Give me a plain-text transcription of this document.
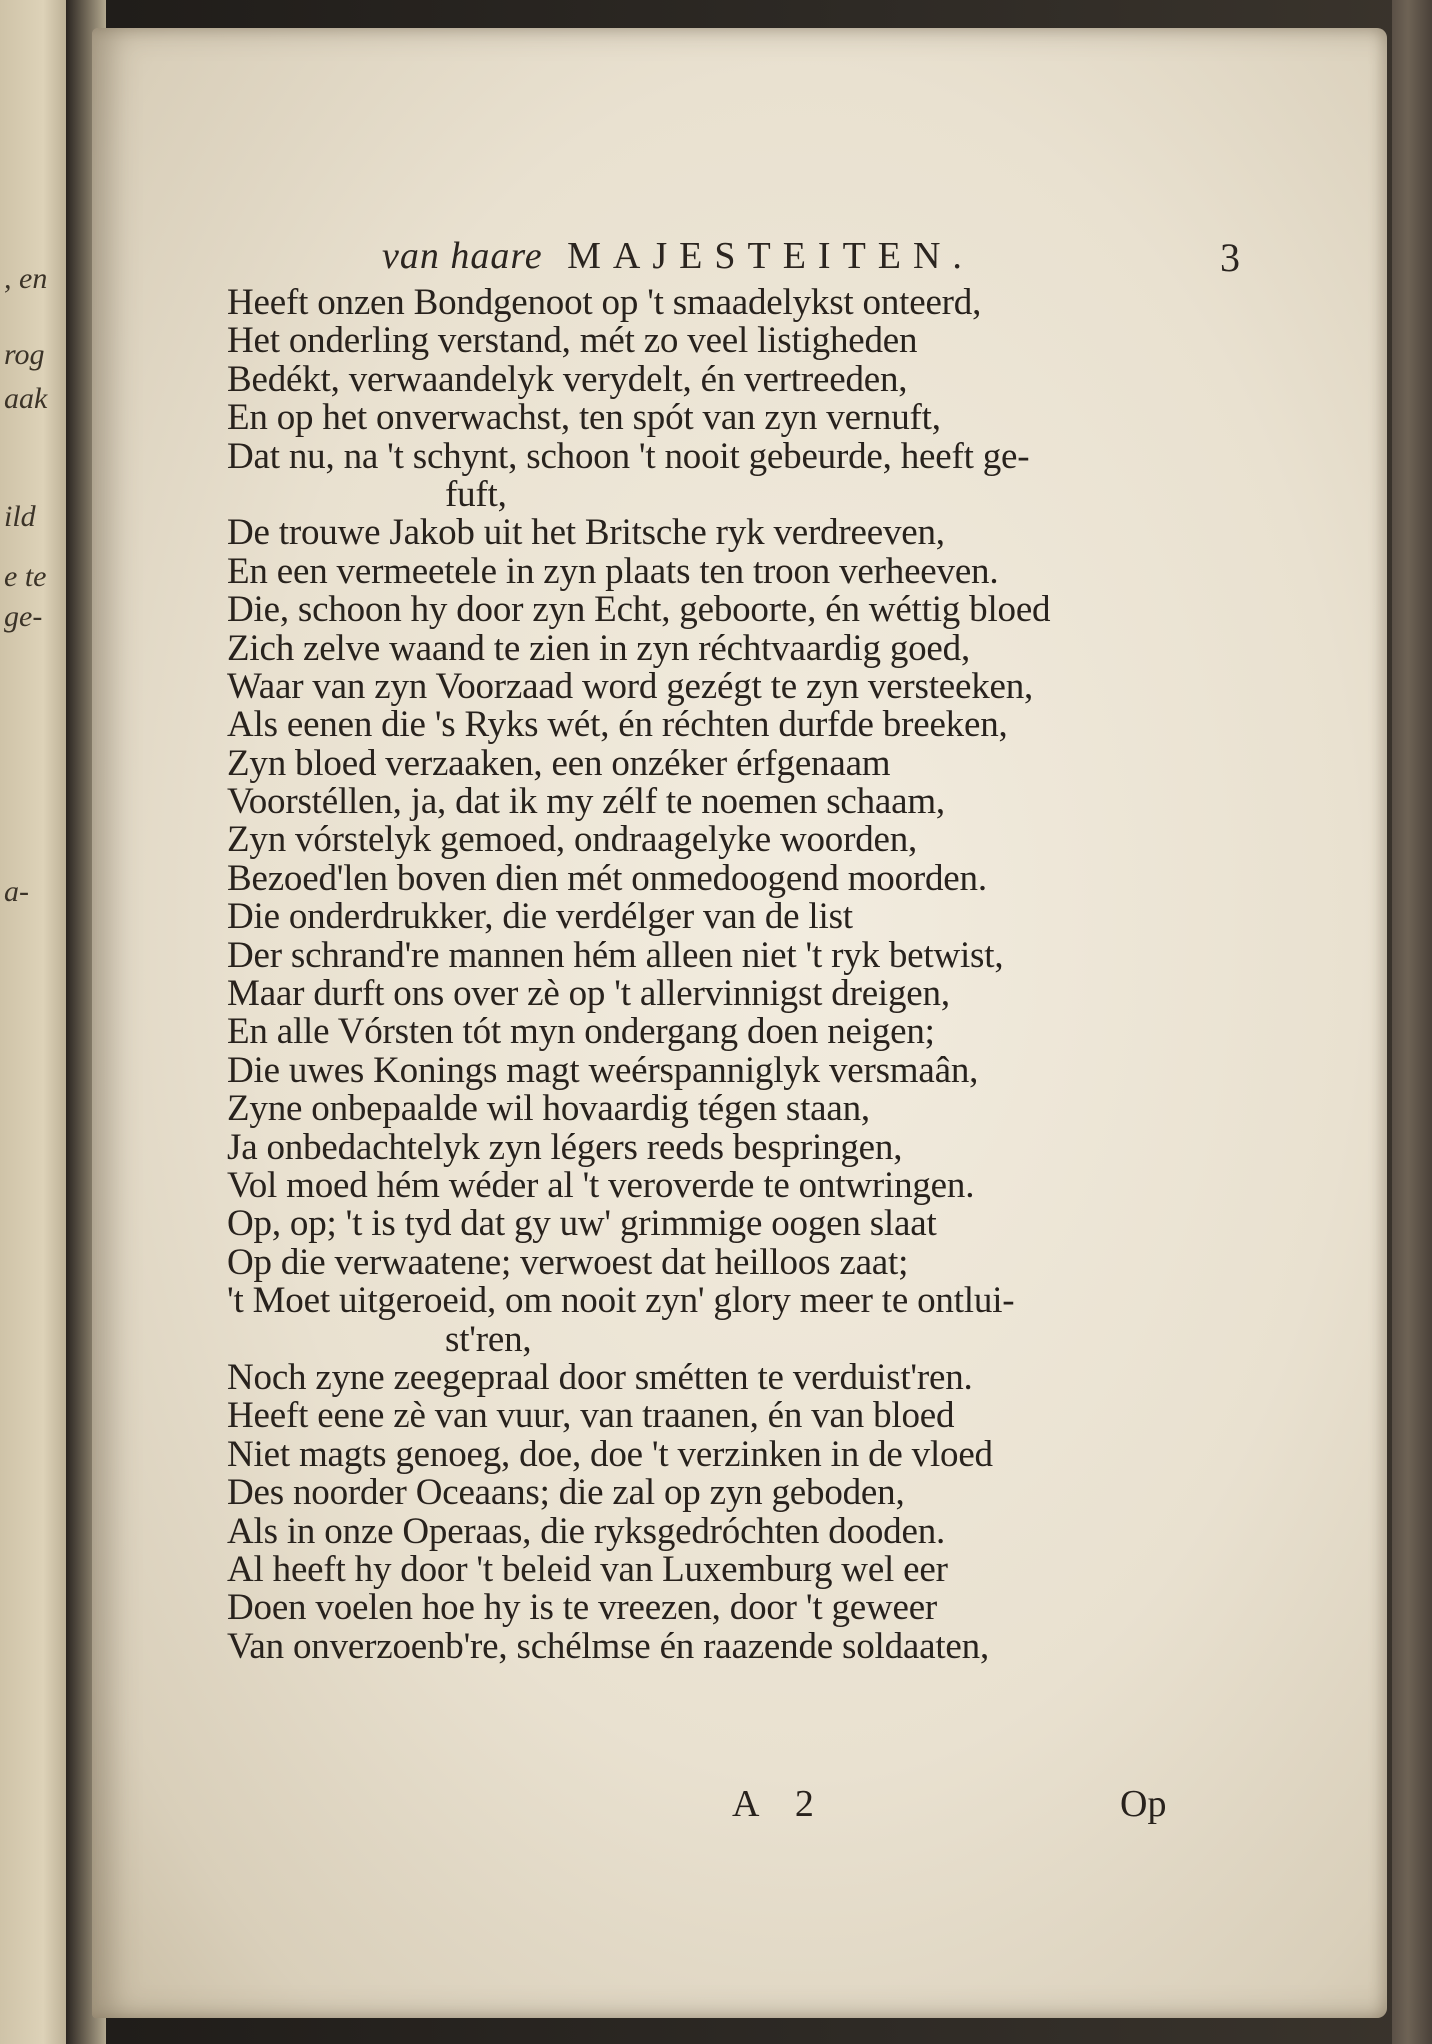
, en
rog
aak
ild
e te
ge-
a-
van haare MAJESTEITEN.	3
Heeft onzen Bondgenoot op 't smaadelykst onteerd,
Het onderling verstand, mét zo veel listigheden
Bedékt, verwaandelyk verydelt, én vertreeden,
En op het onverwachst, ten spót van zyn vernuft,
Dat nu, na 't schynt, schoon 't nooit gebeurde, heeft ge-
fuft,
De trouwe Jakob uit het Britsche ryk verdreeven,
En een vermeetele in zyn plaats ten troon verheeven.
Die, schoon hy door zyn Echt, geboorte, én wéttig bloed
Zich zelve waand te zien in zyn réchtvaardig goed,
Waar van zyn Voorzaad word gezégt te zyn versteeken,
Als eenen die 's Ryks wét, én réchten durfde breeken,
Zyn bloed verzaaken, een onzéker érfgenaam
Voorstéllen, ja, dat ik my zélf te noemen schaam,
Zyn vórstelyk gemoed, ondraagelyke woorden,
Bezoed'len boven dien mét onmedoogend moorden.
Die onderdrukker, die verdélger van de list
Der schrand're mannen hém alleen niet 't ryk betwist,
Maar durft ons over zè op 't allervinnigst dreigen,
En alle Vórsten tót myn ondergang doen neigen;
Die uwes Konings magt weérspanniglyk versmaân,
Zyne onbepaalde wil hovaardig tégen staan,
Ja onbedachtelyk zyn légers reeds bespringen,
Vol moed hém wéder al 't veroverde te ontwringen.
Op, op; 't is tyd dat gy uw' grimmige oogen slaat
Op die verwaatene; verwoest dat heilloos zaat;
't Moet uitgeroeid, om nooit zyn' glory meer te ontlui-
st'ren,
Noch zyne zeegepraal door smétten te verduist'ren.
Heeft eene zè van vuur, van traanen, én van bloed
Niet magts genoeg, doe, doe 't verzinken in de vloed
Des noorder Oceaans; die zal op zyn geboden,
Als in onze Operaas, die ryksgedróchten dooden.
Al heeft hy door 't beleid van Luxemburg wel eer
Doen voelen hoe hy is te vreezen, door 't geweer
Van onverzoenb're, schélmse én raazende soldaaten,
A 2	Op
